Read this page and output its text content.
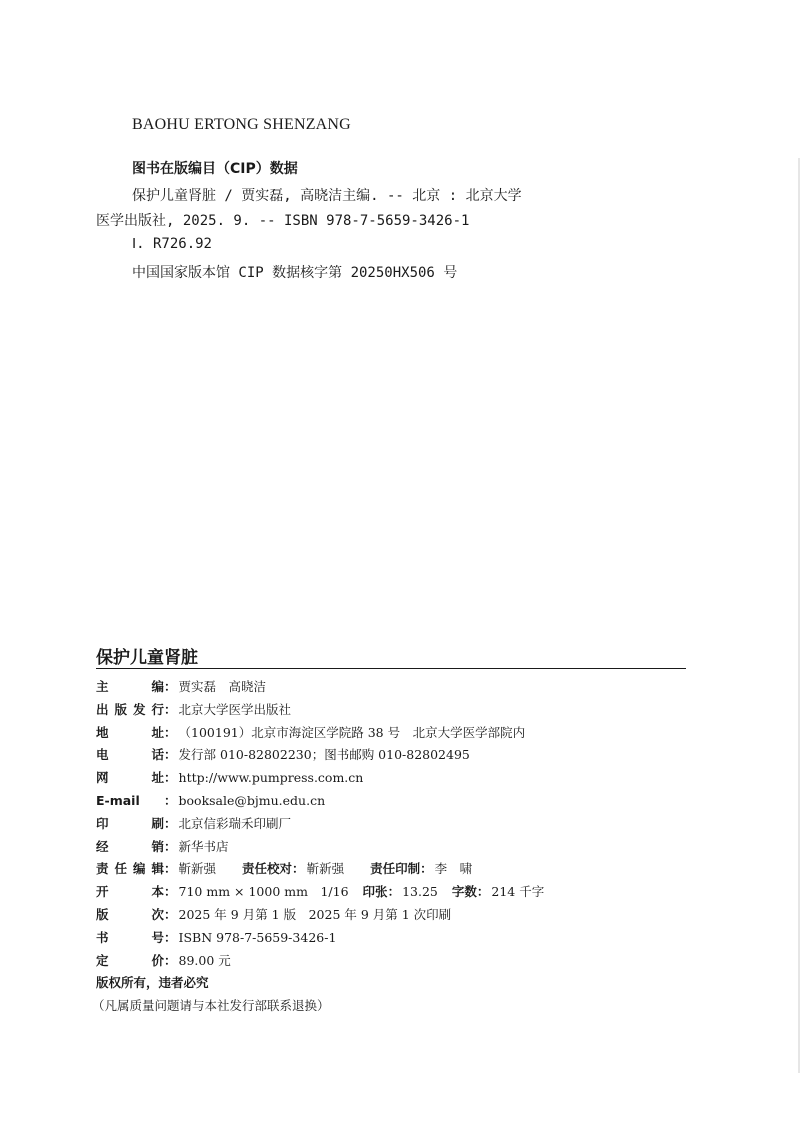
BAOHU ERTONG SHENZANG
图书在版编目（CIP）数据
保护儿童肾脏 / 贾实磊, 高晓洁主编. -- 北京 : 北京大学
医学出版社, 2025. 9. -- ISBN 978-7-5659-3426-1
Ⅰ. R726.92
中国国家版本馆 CIP 数据核字第 20250HX506 号
保护儿童肾脏
主编 ： 贾实磊　高晓洁
出版发行 ： 北京大学医学出版社
地址 ： （100191）北京市海淀区学院路 38 号　北京大学医学部院内
电话 ： 发行部 010-82802230；图书邮购 010-82802495
网址 ： http://www.pumpress.com.cn
E-mail	： booksale@bjmu.edu.cn
印刷 ： 北京信彩瑞禾印刷厂
经销 ： 新华书店
责任编辑 ： 靳新强 责任校对 ： 靳新强 责任印制 ： 李　啸
开本 ： 710 mm × 1000 mm　1/16 印张 ： 13.25 字数 ： 214 千字
版次 ： 2025 年 9 月第 1 版　2025 年 9 月第 1 次印刷
书号 ： ISBN 978-7-5659-3426-1
定价 ： 89.00 元
版权所有，违者必究
（凡属质量问题请与本社发行部联系退换）
